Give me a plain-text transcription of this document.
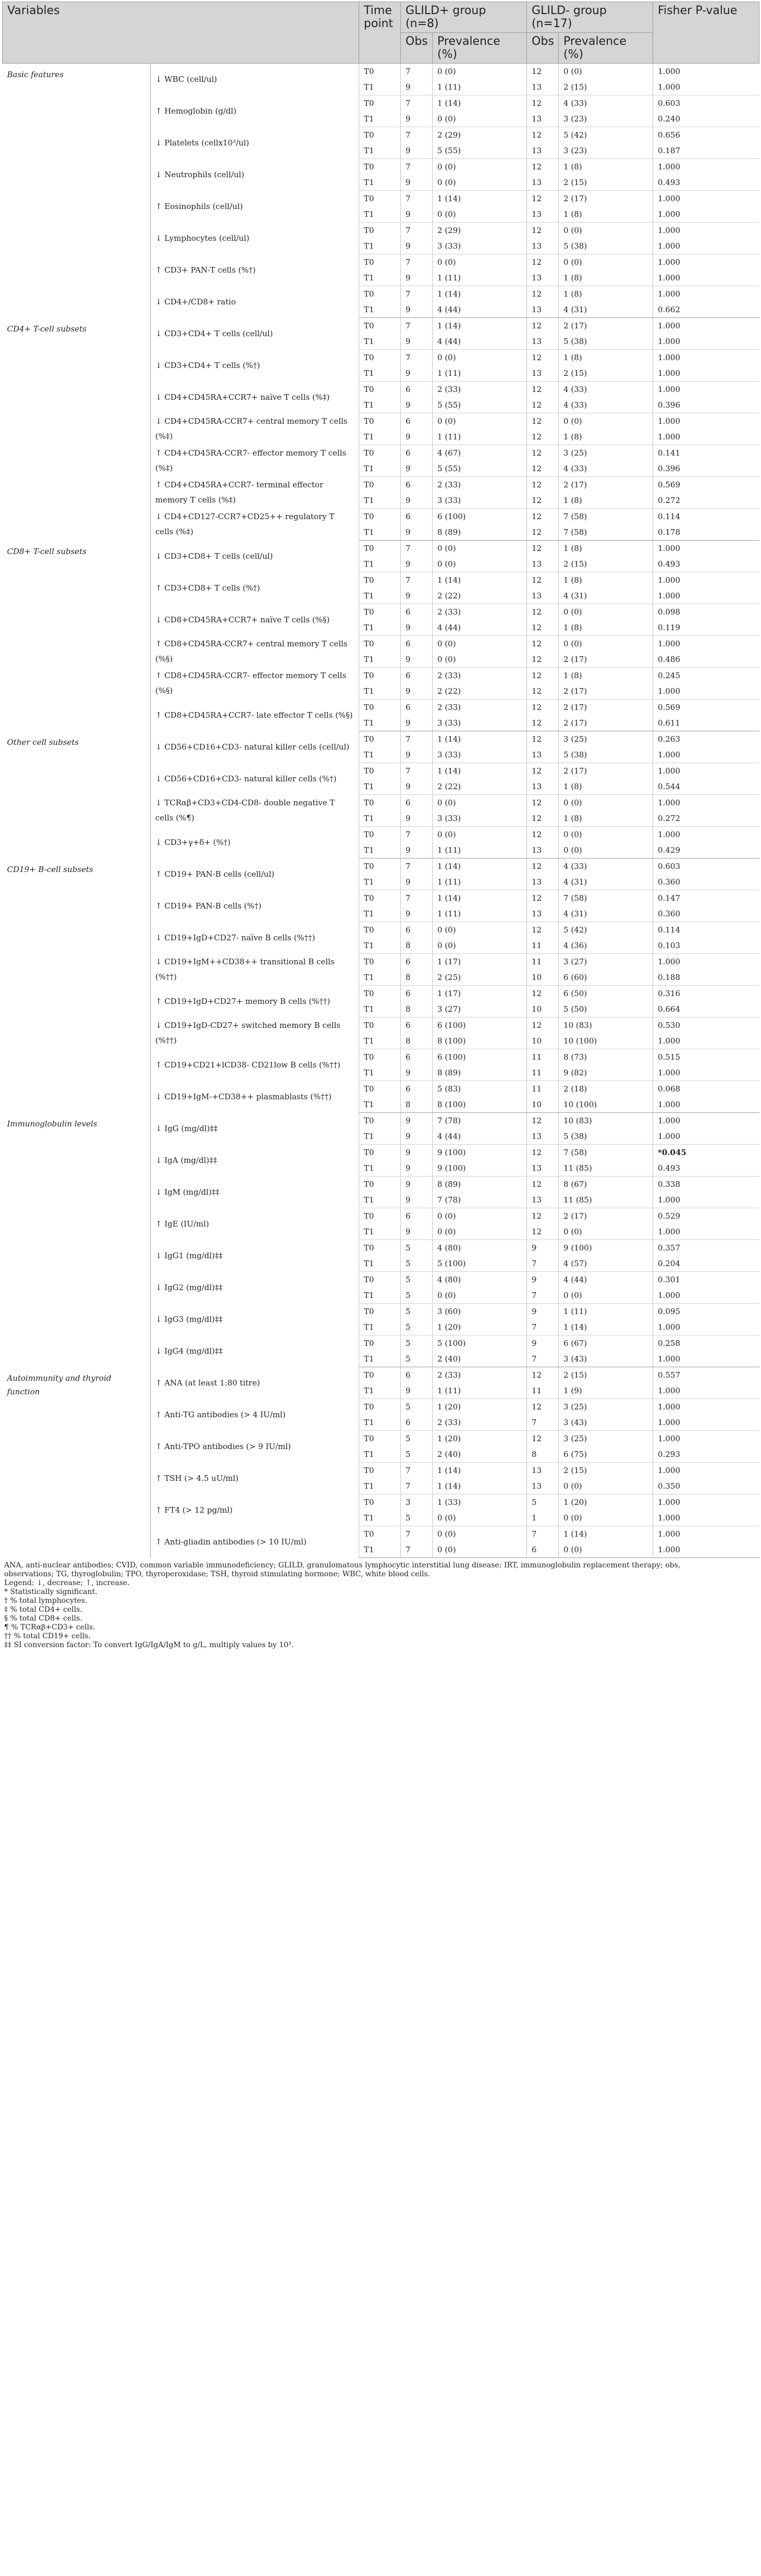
Variables		Time point	GLILD+ group (n=8)		GLILD- group (n=17)		Fisher P-value
			Obs	Prevalence (%)	Obs	Prevalence (%)	
Basic features	↓ WBC (cell/ul)	T0	7	0 (0)	12	0 (0)	1.000
		T1	9	1 (11)	13	2 (15)	1.000
	↑ Hemoglobin (g/dl)	T0	7	1 (14)	12	4 (33)	0.603
		T1	9	0 (0)	13	3 (23)	0.240
	↓ Platelets (cellx10³/ul)	T0	7	2 (29)	12	5 (42)	0.656
		T1	9	5 (55)	13	3 (23)	0.187
	↓ Neutrophils (cell/ul)	T0	7	0 (0)	12	1 (8)	1.000
		T1	9	0 (0)	13	2 (15)	0.493
	↑ Eosinophils (cell/ul)	T0	7	1 (14)	12	2 (17)	1.000
		T1	9	0 (0)	13	1 (8)	1.000
	↓ Lymphocytes (cell/ul)	T0	7	2 (29)	12	0 (0)	1.000
		T1	9	3 (33)	13	5 (38)	1.000
	↑ CD3+ PAN-T cells (%†)	T0	7	0 (0)	12	0 (0)	1.000
		T1	9	1 (11)	13	1 (8)	1.000
	↓ CD4+/CD8+ ratio	T0	7	1 (14)	12	1 (8)	1.000
		T1	9	4 (44)	13	4 (31)	0.662
CD4+ T-cell subsets	↓ CD3+CD4+ T cells (cell/ul)	T0	7	1 (14)	12	2 (17)	1.000
		T1	9	4 (44)	13	5 (38)	1.000
	↓ CD3+CD4+ T cells (%†)	T0	7	0 (0)	12	1 (8)	1.000
		T1	9	1 (11)	13	2 (15)	1.000
	↓ CD4+CD45RA+CCR7+ naïve T cells (%‡)	T0	6	2 (33)	12	4 (33)	1.000
		T1	9	5 (55)	12	4 (33)	0.396
	↓ CD4+CD45RA-CCR7+ central memory T cells (%‡)	T0	6	0 (0)	12	0 (0)	1.000
		T1	9	1 (11)	12	1 (8)	1.000
	↑ CD4+CD45RA-CCR7- effector memory T cells (%‡)	T0	6	4 (67)	12	3 (25)	0.141
		T1	9	5 (55)	12	4 (33)	0.396
	↑ CD4+CD45RA+CCR7- terminal effector memory T cells (%‡)	T0	6	2 (33)	12	2 (17)	0.569
		T1	9	3 (33)	12	1 (8)	0.272
	↓ CD4+CD127-CCR7+CD25++ regulatory T cells (%‡)	T0	6	6 (100)	12	7 (58)	0.114
		T1	9	8 (89)	12	7 (58)	0.178
CD8+ T-cell subsets	↓ CD3+CD8+ T cells (cell/ul)	T0	7	0 (0)	12	1 (8)	1.000
		T1	9	0 (0)	13	2 (15)	0.493
	↑ CD3+CD8+ T cells (%†)	T0	7	1 (14)	12	1 (8)	1.000
		T1	9	2 (22)	13	4 (31)	1.000
	↓ CD8+CD45RA+CCR7+ naïve T cells (%§)	T0	6	2 (33)	12	0 (0)	0.098
		T1	9	4 (44)	12	1 (8)	0.119
	↑ CD8+CD45RA-CCR7+ central memory T cells (%§)	T0	6	0 (0)	12	0 (0)	1.000
		T1	9	0 (0)	12	2 (17)	0.486
	↑ CD8+CD45RA-CCR7- effector memory T cells (%§)	T0	6	2 (33)	12	1 (8)	0.245
		T1	9	2 (22)	12	2 (17)	1.000
	↑ CD8+CD45RA+CCR7- late effector T cells (%§)	T0	6	2 (33)	12	2 (17)	0.569
		T1	9	3 (33)	12	2 (17)	0.611
Other cell subsets	↓ CD56+CD16+CD3- natural killer cells (cell/ul)	T0	7	1 (14)	12	3 (25)	0.263
		T1	9	3 (33)	13	5 (38)	1.000
	↓ CD56+CD16+CD3- natural killer cells (%†)	T0	7	1 (14)	12	2 (17)	1.000
		T1	9	2 (22)	13	1 (8)	0.544
	↓ TCRαβ+CD3+CD4-CD8- double negative T cells (%¶)	T0	6	0 (0)	12	0 (0)	1.000
		T1	9	3 (33)	12	1 (8)	0.272
	↓ CD3+γ+δ+ (%†)	T0	7	0 (0)	12	0 (0)	1.000
		T1	9	1 (11)	13	0 (0)	0.429
CD19+ B-cell subsets	↑ CD19+ PAN-B cells (cell/ul)	T0	7	1 (14)	12	4 (33)	0.603
		T1	9	1 (11)	13	4 (31)	0.360
	↑ CD19+ PAN-B cells (%†)	T0	7	1 (14)	12	7 (58)	0.147
		T1	9	1 (11)	13	4 (31)	0.360
	↓ CD19+IgD+CD27- naïve B cells (%††)	T0	6	0 (0)	12	5 (42)	0.114
		T1	8	0 (0)	11	4 (36)	0.103
	↓ CD19+IgM++CD38++ transitional B cells (%††)	T0	6	1 (17)	11	3 (27)	1.000
		T1	8	2 (25)	10	6 (60)	0.188
	↑ CD19+IgD+CD27+ memory B cells (%††)	T0	6	1 (17)	12	6 (50)	0.316
		T1	8	3 (27)	10	5 (50)	0.664
	↓ CD19+IgD-CD27+ switched memory B cells (%††)	T0	6	6 (100)	12	10 (83)	0.530
		T1	8	8 (100)	10	10 (100)	1.000
	↑ CD19+CD21+lCD38- CD21low B cells (%††)	T0	6	6 (100)	11	8 (73)	0.515
		T1	9	8 (89)	11	9 (82)	1.000
	↓ CD19+IgM-+CD38++ plasmablasts (%††)	T0	6	5 (83)	11	2 (18)	0.068
		T1	8	8 (100)	10	10 (100)	1.000
Immunoglobulin levels	↓ IgG (mg/dl)‡‡	T0	9	7 (78)	12	10 (83)	1.000
		T1	9	4 (44)	13	5 (38)	1.000
	↓ IgA (mg/dl)‡‡	T0	9	9 (100)	12	7 (58)	*0.045
		T1	9	9 (100)	13	11 (85)	0.493
	↓ IgM (mg/dl)‡‡	T0	9	8 (89)	12	8 (67)	0.338
		T1	9	7 (78)	13	11 (85)	1.000
	↑ IgE (IU/ml)	T0	6	0 (0)	12	2 (17)	0.529
		T1	9	0 (0)	12	0 (0)	1.000
	↓ IgG1 (mg/dl)‡‡	T0	5	4 (80)	9	9 (100)	0.357
		T1	5	5 (100)	7	4 (57)	0.204
	↓ IgG2 (mg/dl)‡‡	T0	5	4 (80)	9	4 (44)	0.301
		T1	5	0 (0)	7	0 (0)	1.000
	↓ IgG3 (mg/dl)‡‡	T0	5	3 (60)	9	1 (11)	0.095
		T1	5	1 (20)	7	1 (14)	1.000
	↓ IgG4 (mg/dl)‡‡	T0	5	5 (100)	9	6 (67)	0.258
		T1	5	2 (40)	7	3 (43)	1.000
Autoimmunity and thyroid function	↑ ANA (at least 1:80 titre)	T0	6	2 (33)	12	2 (15)	0.557
		T1	9	1 (11)	11	1 (9)	1.000
	↑ Anti-TG antibodies (> 4 IU/ml)	T0	5	1 (20)	12	3 (25)	1.000
		T1	6	2 (33)	7	3 (43)	1.000
	↑ Anti-TPO antibodies (> 9 IU/ml)	T0	5	1 (20)	12	3 (25)	1.000
		T1	5	2 (40)	8	6 (75)	0.293
	↑ TSH (> 4.5 uU/ml)	T0	7	1 (14)	13	2 (15)	1.000
		T1	7	1 (14)	13	0 (0)	0.350
	↑ FT4 (> 12 pg/ml)	T0	3	1 (33)	5	1 (20)	1.000
		T1	5	0 (0)	1	0 (0)	1.000
	↑ Anti-gliadin antibodies (> 10 IU/ml)	T0	7	0 (0)	7	1 (14)	1.000
		T1	7	0 (0)	6	0 (0)	1.000
ANA, anti-nuclear antibodies; CVID, common variable immunodeficiency; GLILD, granulomatous lymphocytic interstitial lung disease; IRT, immunoglobulin replacement therapy; obs,
observations; TG, thyroglobulin; TPO, thyroperoxidase; TSH, thyroid stimulating hormone; WBC, white blood cells.
Legend: ↓, decrease; ↑, increase.
* Statistically significant.
† % total lymphocytes.
‡ % total CD4+ cells.
§ % total CD8+ cells.
¶ % TCRαβ+CD3+ cells.
†† % total CD19+ cells.
‡‡ SI conversion factor: To convert IgG/IgA/IgM to g/L, multiply values by 10³.
